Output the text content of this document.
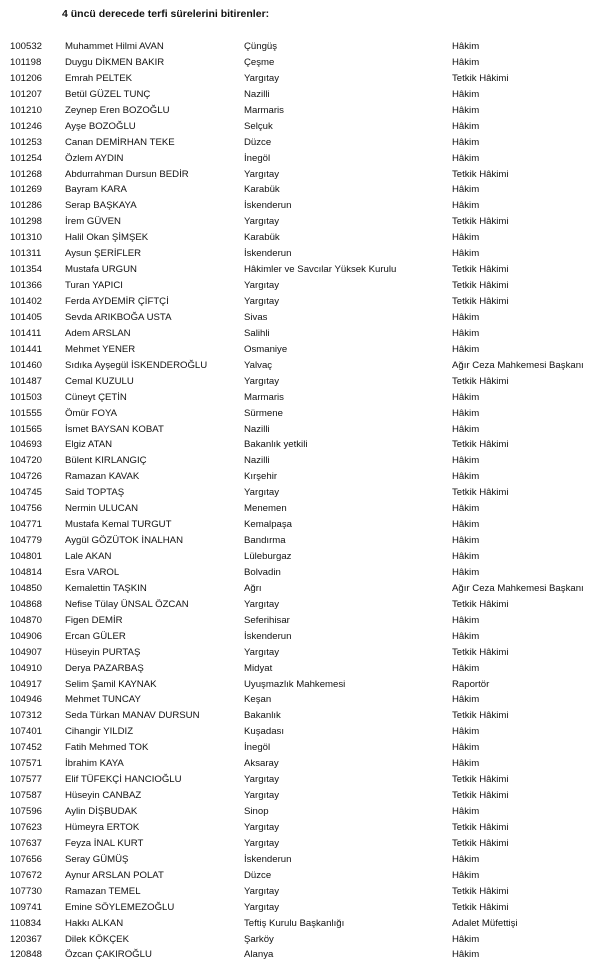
4 üncü derecede terfi sürelerini bitirenler:
100532 Muhammet Hilmi AVAN	Çüngüş	Hâkim
101198 Duygu DİKMEN BAKIR	Çeşme	Hâkim
101206 Emrah PELTEK	Yargıtay	Tetkik Hâkimi
101207 Betül GÜZEL TUNÇ	Nazilli	Hâkim
101210 Zeynep Eren BOZOĞLU	Marmaris	Hâkim
101246 Ayşe BOZOĞLU	Selçuk	Hâkim
101253 Canan DEMİRHAN TEKE	Düzce	Hâkim
101254 Özlem AYDIN	İnegöl	Hâkim
101268 Abdurrahman Dursun BEDİR	Yargıtay	Tetkik Hâkimi
101269 Bayram KARA	Karabük	Hâkim
101286 Serap BAŞKAYA	İskenderun	Hâkim
101298 İrem GÜVEN	Yargıtay	Tetkik Hâkimi
101310 Halil Okan ŞİMŞEK	Karabük	Hâkim
101311 Aysun ŞERİFLER	İskenderun	Hâkim
101354 Mustafa URGUN	Hâkimler ve Savcılar Yüksek Kurulu	Tetkik Hâkimi
101366 Turan YAPICI	Yargıtay	Tetkik Hâkimi
101402 Ferda AYDEMİR ÇİFTÇİ	Yargıtay	Tetkik Hâkimi
101405 Sevda ARIKBOĞA USTA	Sivas	Hâkim
101411 Adem ARSLAN	Salihli	Hâkim
101441 Mehmet YENER	Osmaniye	Hâkim
101460 Sıdıka Ayşegül İSKENDEROĞLU	Yalvaç	Ağır Ceza Mahkemesi Başkanı
101487 Cemal KUZULU	Yargıtay	Tetkik Hâkimi
101503 Cüneyt ÇETİN	Marmaris	Hâkim
101555 Ömür FOYA	Sürmene	Hâkim
101565 İsmet BAYSAN KOBAT	Nazilli	Hâkim
104693 Elgiz ATAN	Bakanlık yetkili	Tetkik Hâkimi
104720 Bülent KIRLANGIÇ	Nazilli	Hâkim
104726 Ramazan KAVAK	Kırşehir	Hâkim
104745 Said TOPTAŞ	Yargıtay	Tetkik Hâkimi
104756 Nermin ULUCAN	Menemen	Hâkim
104771 Mustafa Kemal TURGUT	Kemalpaşa	Hâkim
104779 Aygül GÖZÜTOK İNALHAN	Bandırma	Hâkim
104801 Lale AKAN	Lüleburgaz	Hâkim
104814 Esra VAROL	Bolvadin	Hâkim
104850 Kemalettin TAŞKIN	Ağrı	Ağır Ceza Mahkemesi Başkanı
104868 Nefise Tülay ÜNSAL ÖZCAN	Yargıtay	Tetkik Hâkimi
104870 Figen DEMİR	Seferihisar	Hâkim
104906 Ercan GÜLER	İskenderun	Hâkim
104907 Hüseyin PURTAŞ	Yargıtay	Tetkik Hâkimi
104910 Derya PAZARBAŞ	Midyat	Hâkim
104917 Selim Şamil KAYNAK	Uyuşmazlık Mahkemesi	Raportör
104946 Mehmet TUNCAY	Keşan	Hâkim
107312 Seda Türkan MANAV DURSUN	Bakanlık	Tetkik Hâkimi
107401 Cihangir YILDIZ	Kuşadası	Hâkim
107452 Fatih Mehmed TOK	İnegöl	Hâkim
107571 İbrahim KAYA	Aksaray	Hâkim
107577 Elif TÜFEKÇİ HANCIOĞLU	Yargıtay	Tetkik Hâkimi
107587 Hüseyin CANBAZ	Yargıtay	Tetkik Hâkimi
107596 Aylin DİŞBUDAK	Sinop	Hâkim
107623 Hümeyra ERTOK	Yargıtay	Tetkik Hâkimi
107637 Feyza İNAL KURT	Yargıtay	Tetkik Hâkimi
107656 Seray GÜMÜŞ	İskenderun	Hâkim
107672 Aynur ARSLAN POLAT	Düzce	Hâkim
107730 Ramazan TEMEL	Yargıtay	Tetkik Hâkimi
109741 Emine SÖYLEMEZOĞLU	Yargıtay	Tetkik Hâkimi
110834 Hakkı ALKAN	Teftiş Kurulu Başkanlığı	Adalet Müfettişi
120367 Dilek KÖKÇEK	Şarköy	Hâkim
120848 Özcan ÇAKIROĞLU	Alanya	Hâkim
